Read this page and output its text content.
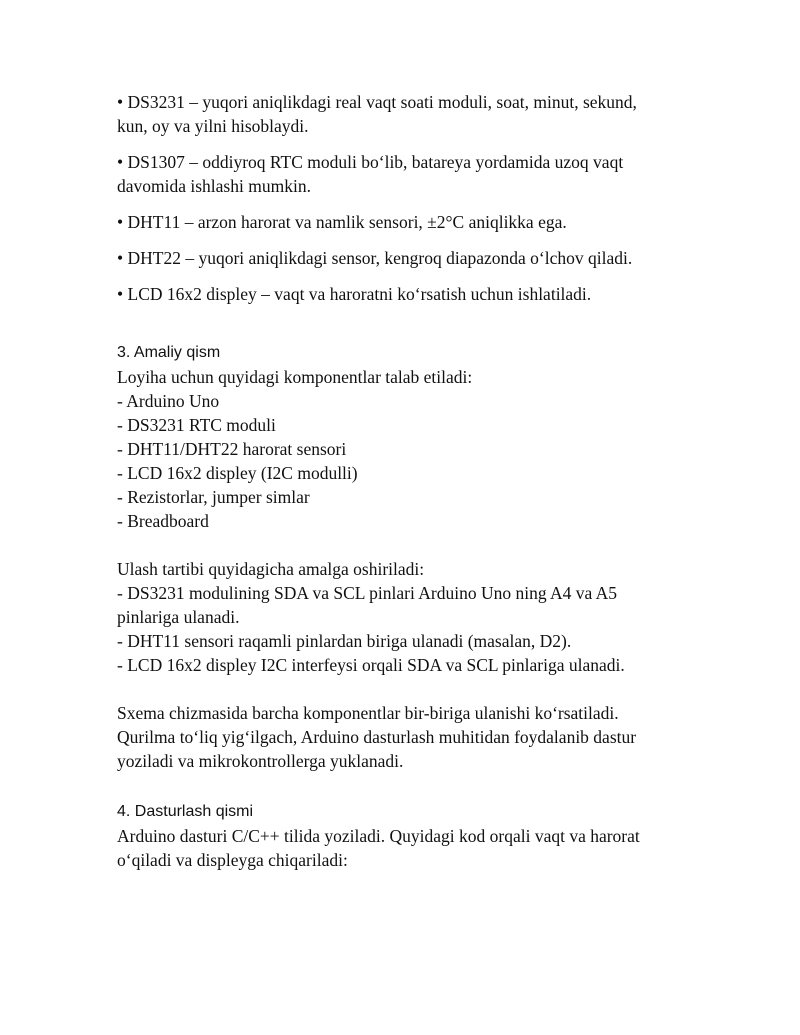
• DS3231 – yuqori aniqlikdagi real vaqt soati moduli, soat, minut, sekund,
kun, oy va yilni hisoblaydi.

• DS1307 – oddiyroq RTC moduli bo‘lib, batareya yordamida uzoq vaqt
davomida ishlashi mumkin.

• DHT11 – arzon harorat va namlik sensori, ±2°C aniqlikka ega.

• DHT22 – yuqori aniqlikdagi sensor, kengroq diapazonda o‘lchov qiladi.

• LCD 16x2 displey – vaqt va haroratni ko‘rsatish uchun ishlatiladi.

3. Amaliy qism
Loyiha uchun quyidagi komponentlar talab etiladi:
- Arduino Uno
- DS3231 RTC moduli
- DHT11/DHT22 harorat sensori
- LCD 16x2 displey (I2C modulli)
- Rezistorlar, jumper simlar
- Breadboard
Ulash tartibi quyidagicha amalga oshiriladi:
- DS3231 modulining SDA va SCL pinlari Arduino Uno ning A4 va A5
pinlariga ulanadi.
- DHT11 sensori raqamli pinlardan biriga ulanadi (masalan, D2).
- LCD 16x2 displey I2C interfeysi orqali SDA va SCL pinlariga ulanadi.
Sxema chizmasida barcha komponentlar bir-biriga ulanishi ko‘rsatiladi.
Qurilma to‘liq yig‘ilgach, Arduino dasturlash muhitidan foydalanib dastur
yoziladi va mikrokontrollerga yuklanadi.
4. Dasturlash qismi
Arduino dasturi C/C++ tilida yoziladi. Quyidagi kod orqali vaqt va harorat
o‘qiladi va displeyga chiqariladi:
